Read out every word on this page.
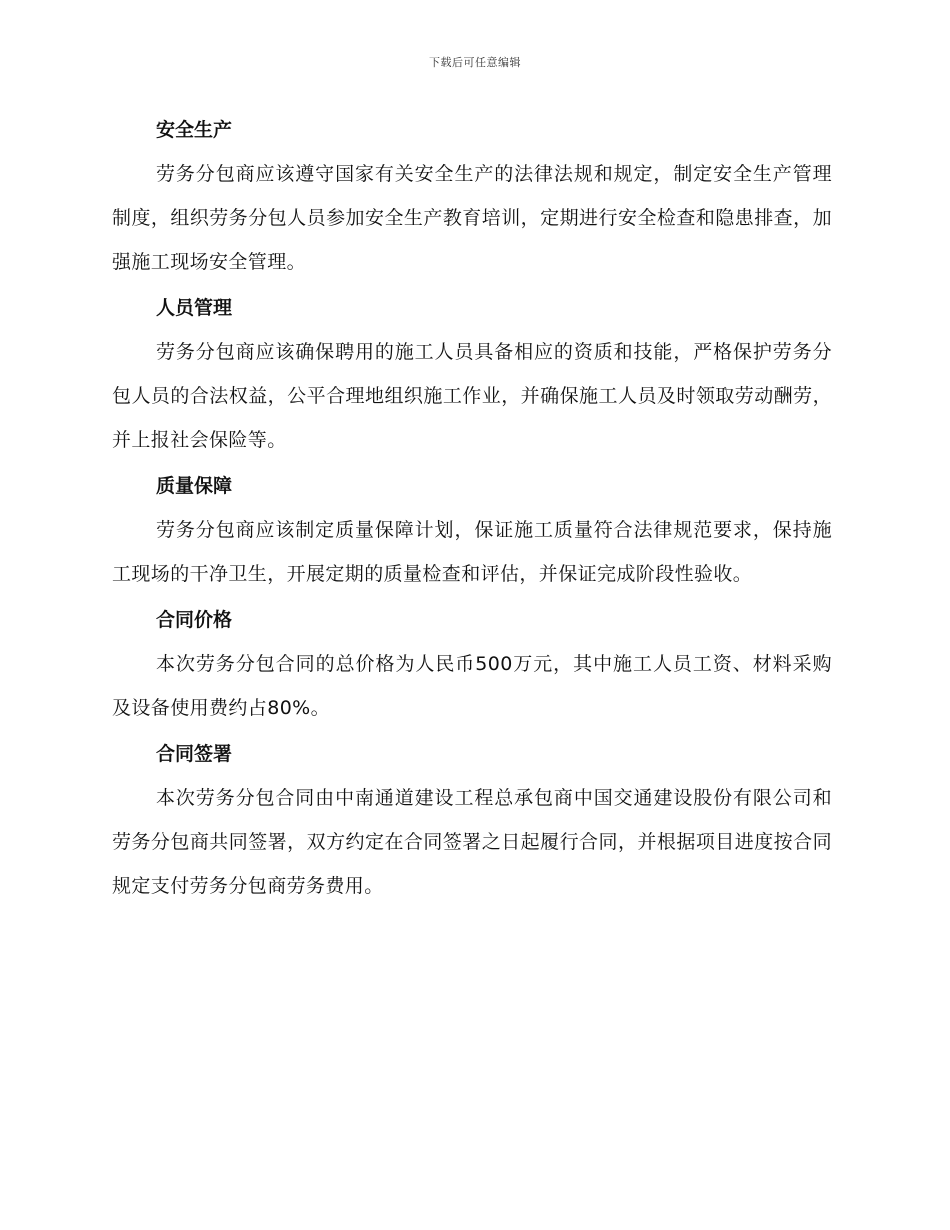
下载后可任意编辑
安全生产

劳务分包商应该遵守国家有关安全生产的法律法规和规定，制定安全生产管理制度，组织劳务分包人员参加安全生产教育培训，定期进行安全检查和隐患排查，加强施工现场安全管理。

人员管理

劳务分包商应该确保聘用的施工人员具备相应的资质和技能，严格保护劳务分包人员的合法权益，公平合理地组织施工作业，并确保施工人员及时领取劳动酬劳，并上报社会保险等。

质量保障

劳务分包商应该制定质量保障计划，保证施工质量符合法律规范要求，保持施工现场的干净卫生，开展定期的质量检查和评估，并保证完成阶段性验收。

合同价格

本次劳务分包合同的总价格为人民币500万元，其中施工人员工资、材料采购及设备使用费约占80%。

合同签署

本次劳务分包合同由中南通道建设工程总承包商中国交通建设股份有限公司和劳务分包商共同签署，双方约定在合同签署之日起履行合同，并根据项目进度按合同规定支付劳务分包商劳务费用。
